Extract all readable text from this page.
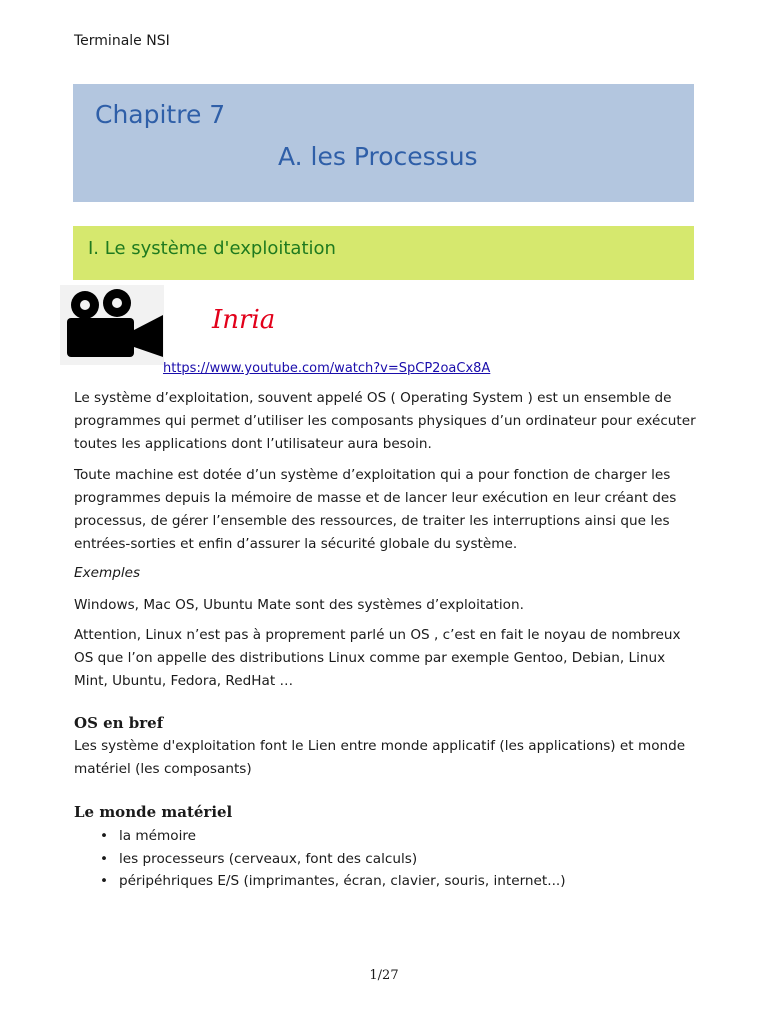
Terminale NSI
Chapitre 7
A. les Processus
I. Le système d'exploitation
Inria
https://www.youtube.com/watch?v=SpCP2oaCx8A

Le système d’exploitation, souvent appelé OS ( Operating System ) est un ensemble de programmes qui permet d’utiliser les composants physiques d’un ordinateur pour exécuter toutes les applications dont l’utilisateur aura besoin.

Toute machine est dotée d’un système d’exploitation qui a pour fonction de charger les programmes depuis la mémoire de masse et de lancer leur exécution en leur créant des processus, de gérer l’ensemble des ressources, de traiter les interruptions ainsi que les entrées-sorties et enfin d’assurer la sécurité globale du système.

Exemples

Windows, Mac OS, Ubuntu Mate sont des systèmes d’exploitation.

Attention, Linux n’est pas à proprement parlé un OS , c’est en fait le noyau de nombreux OS que l’on appelle des distributions Linux comme par exemple Gentoo, Debian, Linux Mint, Ubuntu, Fedora, RedHat …

OS en bref

Les système d'exploitation font le Lien entre monde applicatif (les applications) et monde matériel (les composants)

Le monde matériel
• la mémoire
• les processeurs (cerveaux, font des calculs)
• péripéhriques E/S (imprimantes, écran, clavier, souris, internet...)
1/27
